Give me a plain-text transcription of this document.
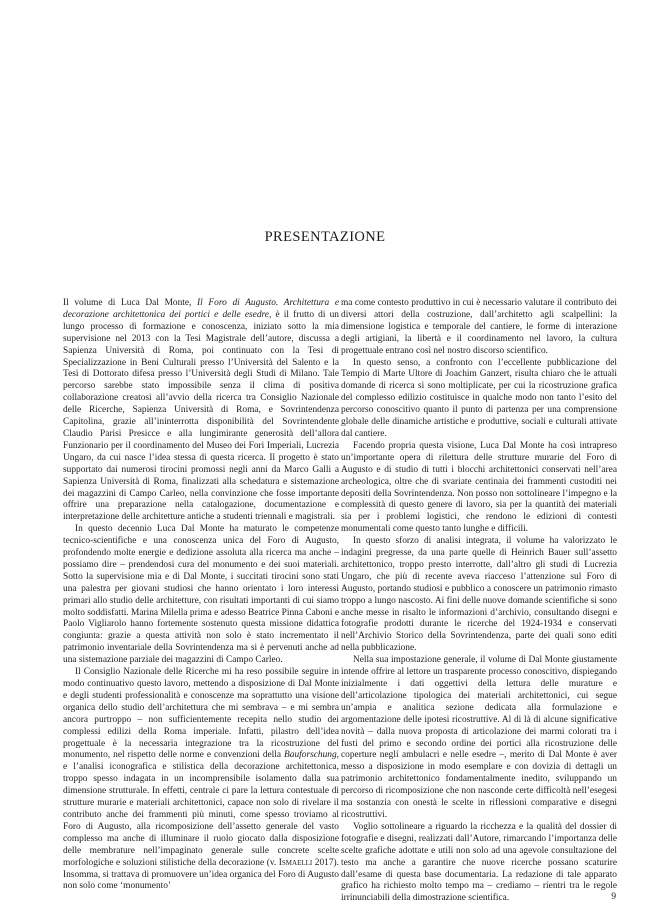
PRESENTAZIONE

Il volume di Luca Dal Monte, Il Foro di Augusto. Architettura e decorazione architettonica dei portici e delle esedre, è il frutto di un lungo processo di formazione e conoscenza, iniziato sotto la mia supervisione nel 2013 con la Tesi Magistrale dell’autore, discussa a Sapienza Università di Roma, poi continuato con la Tesi di Specializzazione in Beni Culturali presso l’Università del Salento e la Tesi di Dottorato difesa presso l’Università degli Studi di Milano. Tale percorso sarebbe stato impossibile senza il clima di positiva collaborazione creatosi all’avvio della ricerca tra Consiglio Nazionale delle Ricerche, Sapienza Università di Roma, e Sovrintendenza Capitolina, grazie all’ininterrotta disponibilità del Sovrintendente Claudio Parisi Presicce e alla lungimirante generosità dell’allora Funzionario per il coordinamento del Museo dei Fori Imperiali, Lucrezia Ungaro, da cui nasce l’idea stessa di questa ricerca. Il progetto è stato supportato dai numerosi tirocini promossi negli anni da Marco Galli a Sapienza Università di Roma, finalizzati alla schedatura e sistemazione dei magazzini di Campo Carleo, nella convinzione che fosse importante offrire una preparazione nella catalogazione, documentazione e interpretazione delle architetture antiche a studenti triennali e magistrali.

In questo decennio Luca Dal Monte ha maturato le competenze tecnico-scientifiche e una conoscenza unica del Foro di Augusto, profondendo molte energie e dedizione assoluta alla ricerca ma anche – possiamo dire – prendendosi cura del monumento e dei suoi materiali. Sotto la supervisione mia e di Dal Monte, i succitati tirocini sono stati una palestra per giovani studiosi che hanno orientato i loro interessi primari allo studio delle architetture, con risultati importanti di cui siamo molto soddisfatti. Marina Milella prima e adesso Beatrice Pinna Caboni e Paolo Vigliarolo hanno fortemente sostenuto questa missione didattica congiunta: grazie a questa attività non solo è stato incrementato il patrimonio inventariale della Sovrintendenza ma si è pervenuti anche ad una sistemazione parziale dei magazzini di Campo Carleo.

Il Consiglio Nazionale delle Ricerche mi ha reso possibile seguire in modo continuativo questo lavoro, mettendo a disposizione di Dal Monte e degli studenti professionalità e conoscenze ma soprattutto una visione organica dello studio dell’architettura che mi sembrava – e mi sembra ancora purtroppo – non sufficientemente recepita nello studio dei complessi edilizi della Roma imperiale. Infatti, pilastro dell’idea progettuale è la necessaria integrazione tra la ricostruzione del monumento, nel rispetto delle norme e convenzioni della Bauforschung, e l’analisi iconografica e stilistica della decorazione architettonica, troppo spesso indagata in un incomprensibile isolamento dalla sua dimensione strutturale. In effetti, centrale ci pare la lettura contestuale di strutture murarie e materiali architettonici, capace non solo di rivelare il contributo anche dei frammenti più minuti, come spesso troviamo al Foro di Augusto, alla ricomposizione dell’assetto generale del vasto complesso ma anche di illuminare il ruolo giocato dalla disposizione delle membrature nell’impaginato generale sulle concrete scelte morfologiche e soluzioni stilistiche della decorazione (v. Ismaelli 2017). Insomma, si trattava di promuovere un’idea organica del Foro di Augusto non solo come ‘monumento’

ma come contesto produttivo in cui è necessario valutare il contributo dei diversi attori della costruzione, dall’architetto agli scalpellini: la dimensione logistica e temporale del cantiere, le forme di interazione degli artigiani, la libertà e il coordinamento nel lavoro, la cultura progettuale entrano così nel nostro discorso scientifico.

In questo senso, a confronto con l’eccellente pubblicazione del Tempio di Marte Ultore di Joachim Ganzert, risulta chiaro che le attuali domande di ricerca si sono moltiplicate, per cui la ricostruzione grafica del complesso edilizio costituisce in qualche modo non tanto l’esito del percorso conoscitivo quanto il punto di partenza per una comprensione globale delle dinamiche artistiche e produttive, sociali e culturali attivate dal cantiere.

Facendo propria questa visione, Luca Dal Monte ha così intrapreso un’importante opera di rilettura delle strutture murarie del Foro di Augusto e di studio di tutti i blocchi architettonici conservati nell’area archeologica, oltre che di svariate centinaia dei frammenti custoditi nei depositi della Sovrintendenza. Non posso non sottolineare l’impegno e la complessità di questo genere di lavoro, sia per la quantità dei materiali sia per i problemi logistici, che rendono le edizioni di contesti monumentali come questo tanto lunghe e difficili.

In questo sforzo di analisi integrata, il volume ha valorizzato le indagini pregresse, da una parte quelle di Heinrich Bauer sull’assetto architettonico, troppo presto interrotte, dall’altro gli studi di Lucrezia Ungaro, che più di recente aveva riacceso l’attenzione sul Foro di Augusto, portando studiosi e pubblico a conoscere un patrimonio rimasto troppo a lungo nascosto. Ai fini delle nuove domande scientifiche si sono anche messe in risalto le informazioni d’archivio, consultando disegni e fotografie prodotti durante le ricerche del 1924-1934 e conservati nell’Archivio Storico della Sovrintendenza, parte dei quali sono editi nella pubblicazione.

Nella sua impostazione generale, il volume di Dal Monte giustamente intende offrire al lettore un trasparente processo conoscitivo, dispiegando inizialmente i dati oggettivi della lettura delle murature e dell’articolazione tipologica dei materiali architettonici, cui segue un’ampia e analitica sezione dedicata alla formulazione e argomentazione delle ipotesi ricostruttive. Al di là di alcune significative novità – dalla nuova proposta di articolazione dei marmi colorati tra i fusti del primo e secondo ordine dei portici alla ricostruzione delle coperture negli ambulacri e nelle esedre –, merito di Dal Monte è aver messo a disposizione in modo esemplare e con dovizia di dettagli un patrimonio architettonico fondamentalmente inedito, sviluppando un percorso di ricomposizione che non nasconde certe difficoltà nell’esegesi ma sostanzia con onestà le scelte in riflessioni comparative e disegni ricostruttivi.

Voglio sottolineare a riguardo la ricchezza e la qualità del dossier di fotografie e disegni, realizzati dall’Autore, rimarcando l’importanza delle scelte grafiche adottate e utili non solo ad una agevole consultazione del testo ma anche a garantire che nuove ricerche possano scaturire dall’esame di questa base documentaria. La redazione di tale apparato grafico ha richiesto molto tempo ma – crediamo – rientri tra le regole irrinunciabili della dimostrazione scientifica.	9
